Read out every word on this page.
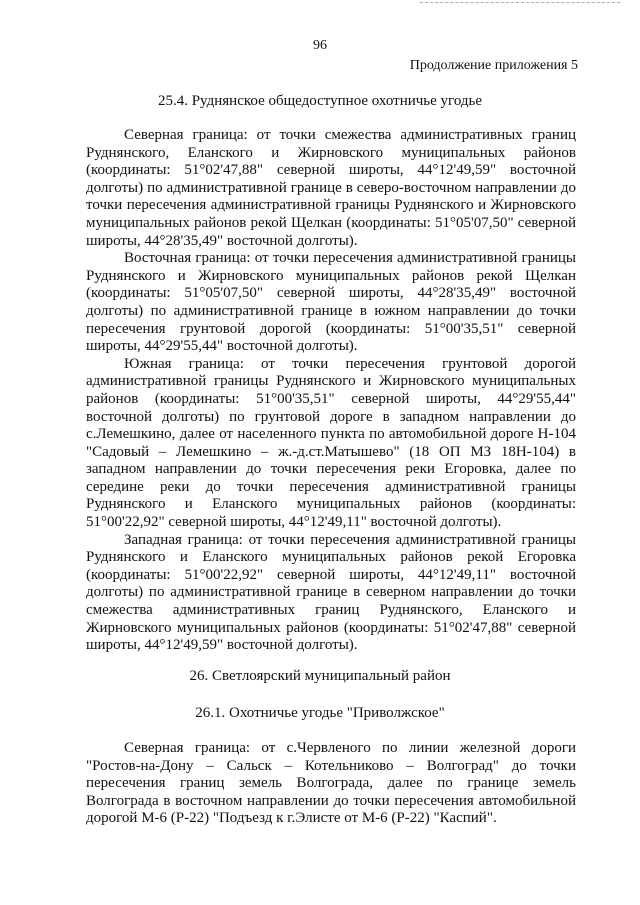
96
Продолжение приложения 5
25.4. Руднянское общедоступное охотничье угодье

Северная граница: от точки смежества административных границ Руднянского, Еланского и Жирновского муниципальных районов (координаты: 51°02'47,88" северной широты, 44°12'49,59" восточной долготы) по административной границе в северо-восточном направлении до точки пересечения административной границы Руднянского и Жирновского муниципальных районов рекой Щелкан (координаты: 51°05'07,50" северной широты, 44°28'35,49" восточной долготы).

Восточная граница: от точки пересечения административной границы Руднянского и Жирновского муниципальных районов рекой Щелкан (координаты: 51°05'07,50" северной широты, 44°28'35,49" восточной долготы) по административной границе в южном направлении до точки пересечения грунтовой дорогой (координаты: 51°00'35,51" северной широты, 44°29'55,44" восточной долготы).

Южная граница: от точки пересечения грунтовой дорогой административной границы Руднянского и Жирновского муниципальных районов (координаты: 51°00'35,51" северной широты, 44°29'55,44" восточной долготы) по грунтовой дороге в западном направлении до с.Лемешкино, далее от населенного пункта по автомобильной дороге Н-104 "Садовый – Лемешкино – ж.-д.ст.Матышево" (18 ОП МЗ 18Н-104) в западном направлении до точки пересечения реки Егоровка, далее по середине реки до точки пересечения административной границы Руднянского и Еланского муниципальных районов (координаты: 51°00'22,92" северной широты, 44°12'49,11" восточной долготы).

Западная граница: от точки пересечения административной границы Руднянского и Еланского муниципальных районов рекой Егоровка (координаты: 51°00'22,92" северной широты, 44°12'49,11" восточной долготы) по административной границе в северном направлении до точки смежества административных границ Руднянского, Еланского и Жирновского муниципальных районов (координаты: 51°02'47,88" северной широты, 44°12'49,59" восточной долготы).

26. Светлоярский муниципальный район
26.1. Охотничье угодье "Приволжское"

Северная граница: от с.Червленого по линии железной дороги "Ростов-на-Дону – Сальск – Котельниково – Волгоград" до точки пересечения границ земель Волгограда, далее по границе земель Волгограда в восточном направлении до точки пересечения автомобильной дорогой М-6 (Р-22) "Подъезд к г.Элисте от М-6 (Р-22) "Каспий".
